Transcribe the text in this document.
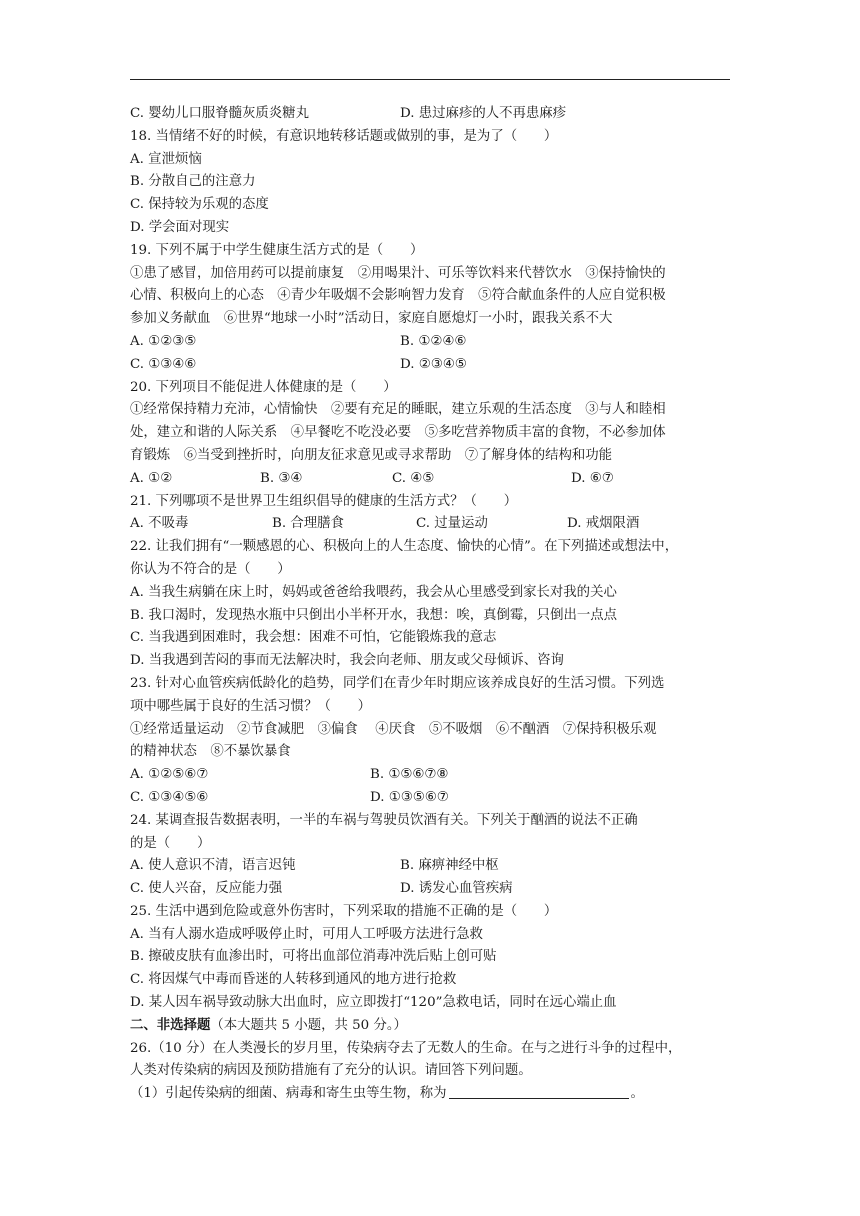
C. 婴幼儿口服脊髓灰质炎糖丸	D. 患过麻疹的人不再患麻疹
18. 当情绪不好的时候，有意识地转移话题或做别的事，是为了（　　）
A. 宣泄烦恼
B. 分散自己的注意力
C. 保持较为乐观的态度
D. 学会面对现实
19. 下列不属于中学生健康生活方式的是（　　）
①患了感冒，加倍用药可以提前康复　②用喝果汁、可乐等饮料来代替饮水　③保持愉快的
心情、积极向上的心态　④青少年吸烟不会影响智力发育　⑤符合献血条件的人应自觉积极
参加义务献血　⑥世界“地球一小时”活动日，家庭自愿熄灯一小时，跟我关系不大
A. ①②③⑤	B. ①②④⑥
C. ①③④⑥	D. ②③④⑤
20. 下列项目不能促进人体健康的是（　　）
①经常保持精力充沛，心情愉快　②要有充足的睡眠，建立乐观的生活态度　③与人和睦相
处，建立和谐的人际关系　④早餐吃不吃没必要　⑤多吃营养物质丰富的食物，不必参加体
育锻炼　⑥当受到挫折时，向朋友征求意见或寻求帮助　⑦了解身体的结构和功能
A. ①②	B. ③④	C. ④⑤	D. ⑥⑦
21. 下列哪项不是世界卫生组织倡导的健康的生活方式？（　　）
A. 不吸毒	B. 合理膳食	C. 过量运动	D. 戒烟限酒
22. 让我们拥有“一颗感恩的心、积极向上的人生态度、愉快的心情”。在下列描述或想法中，
你认为不符合的是（　　）
A. 当我生病躺在床上时，妈妈或爸爸给我喂药，我会从心里感受到家长对我的关心
B. 我口渴时，发现热水瓶中只倒出小半杯开水，我想：唉，真倒霉，只倒出一点点
C. 当我遇到困难时，我会想：困难不可怕，它能锻炼我的意志
D. 当我遇到苦闷的事而无法解决时，我会向老师、朋友或父母倾诉、咨询
23. 针对心血管疾病低龄化的趋势，同学们在青少年时期应该养成良好的生活习惯。下列选
项中哪些属于良好的生活习惯？（　　）
①经常适量运动　②节食减肥　③偏食　 ④厌食　⑤不吸烟　⑥不酗酒　⑦保持积极乐观
的精神状态　⑧不暴饮暴食
A. ①②⑤⑥⑦	B. ①⑤⑥⑦⑧
C. ①③④⑤⑥	D. ①③⑤⑥⑦
24. 某调查报告数据表明，一半的车祸与驾驶员饮酒有关。下列关于酗酒的说法不正确
的是（　　）
A. 使人意识不清，语言迟钝	B. 麻痹神经中枢
C. 使人兴奋，反应能力强	D. 诱发心血管疾病
25. 生活中遇到危险或意外伤害时，下列采取的措施不正确的是（　　）
A. 当有人溺水造成呼吸停止时，可用人工呼吸方法进行急救
B. 擦破皮肤有血渗出时，可将出血部位消毒冲洗后贴上创可贴
C. 将因煤气中毒而昏迷的人转移到通风的地方进行抢救
D. 某人因车祸导致动脉大出血时，应立即拨打“120”急救电话，同时在远心端止血
二、非选择题（本大题共 5 小题，共 50 分。）
26.（10 分）在人类漫长的岁月里，传染病夺去了无数人的生命。在与之进行斗争的过程中，
人类对传染病的病因及预防措施有了充分的认识。请回答下列问题。
（1）引起传染病的细菌、病毒和寄生虫等生物，称为	。
